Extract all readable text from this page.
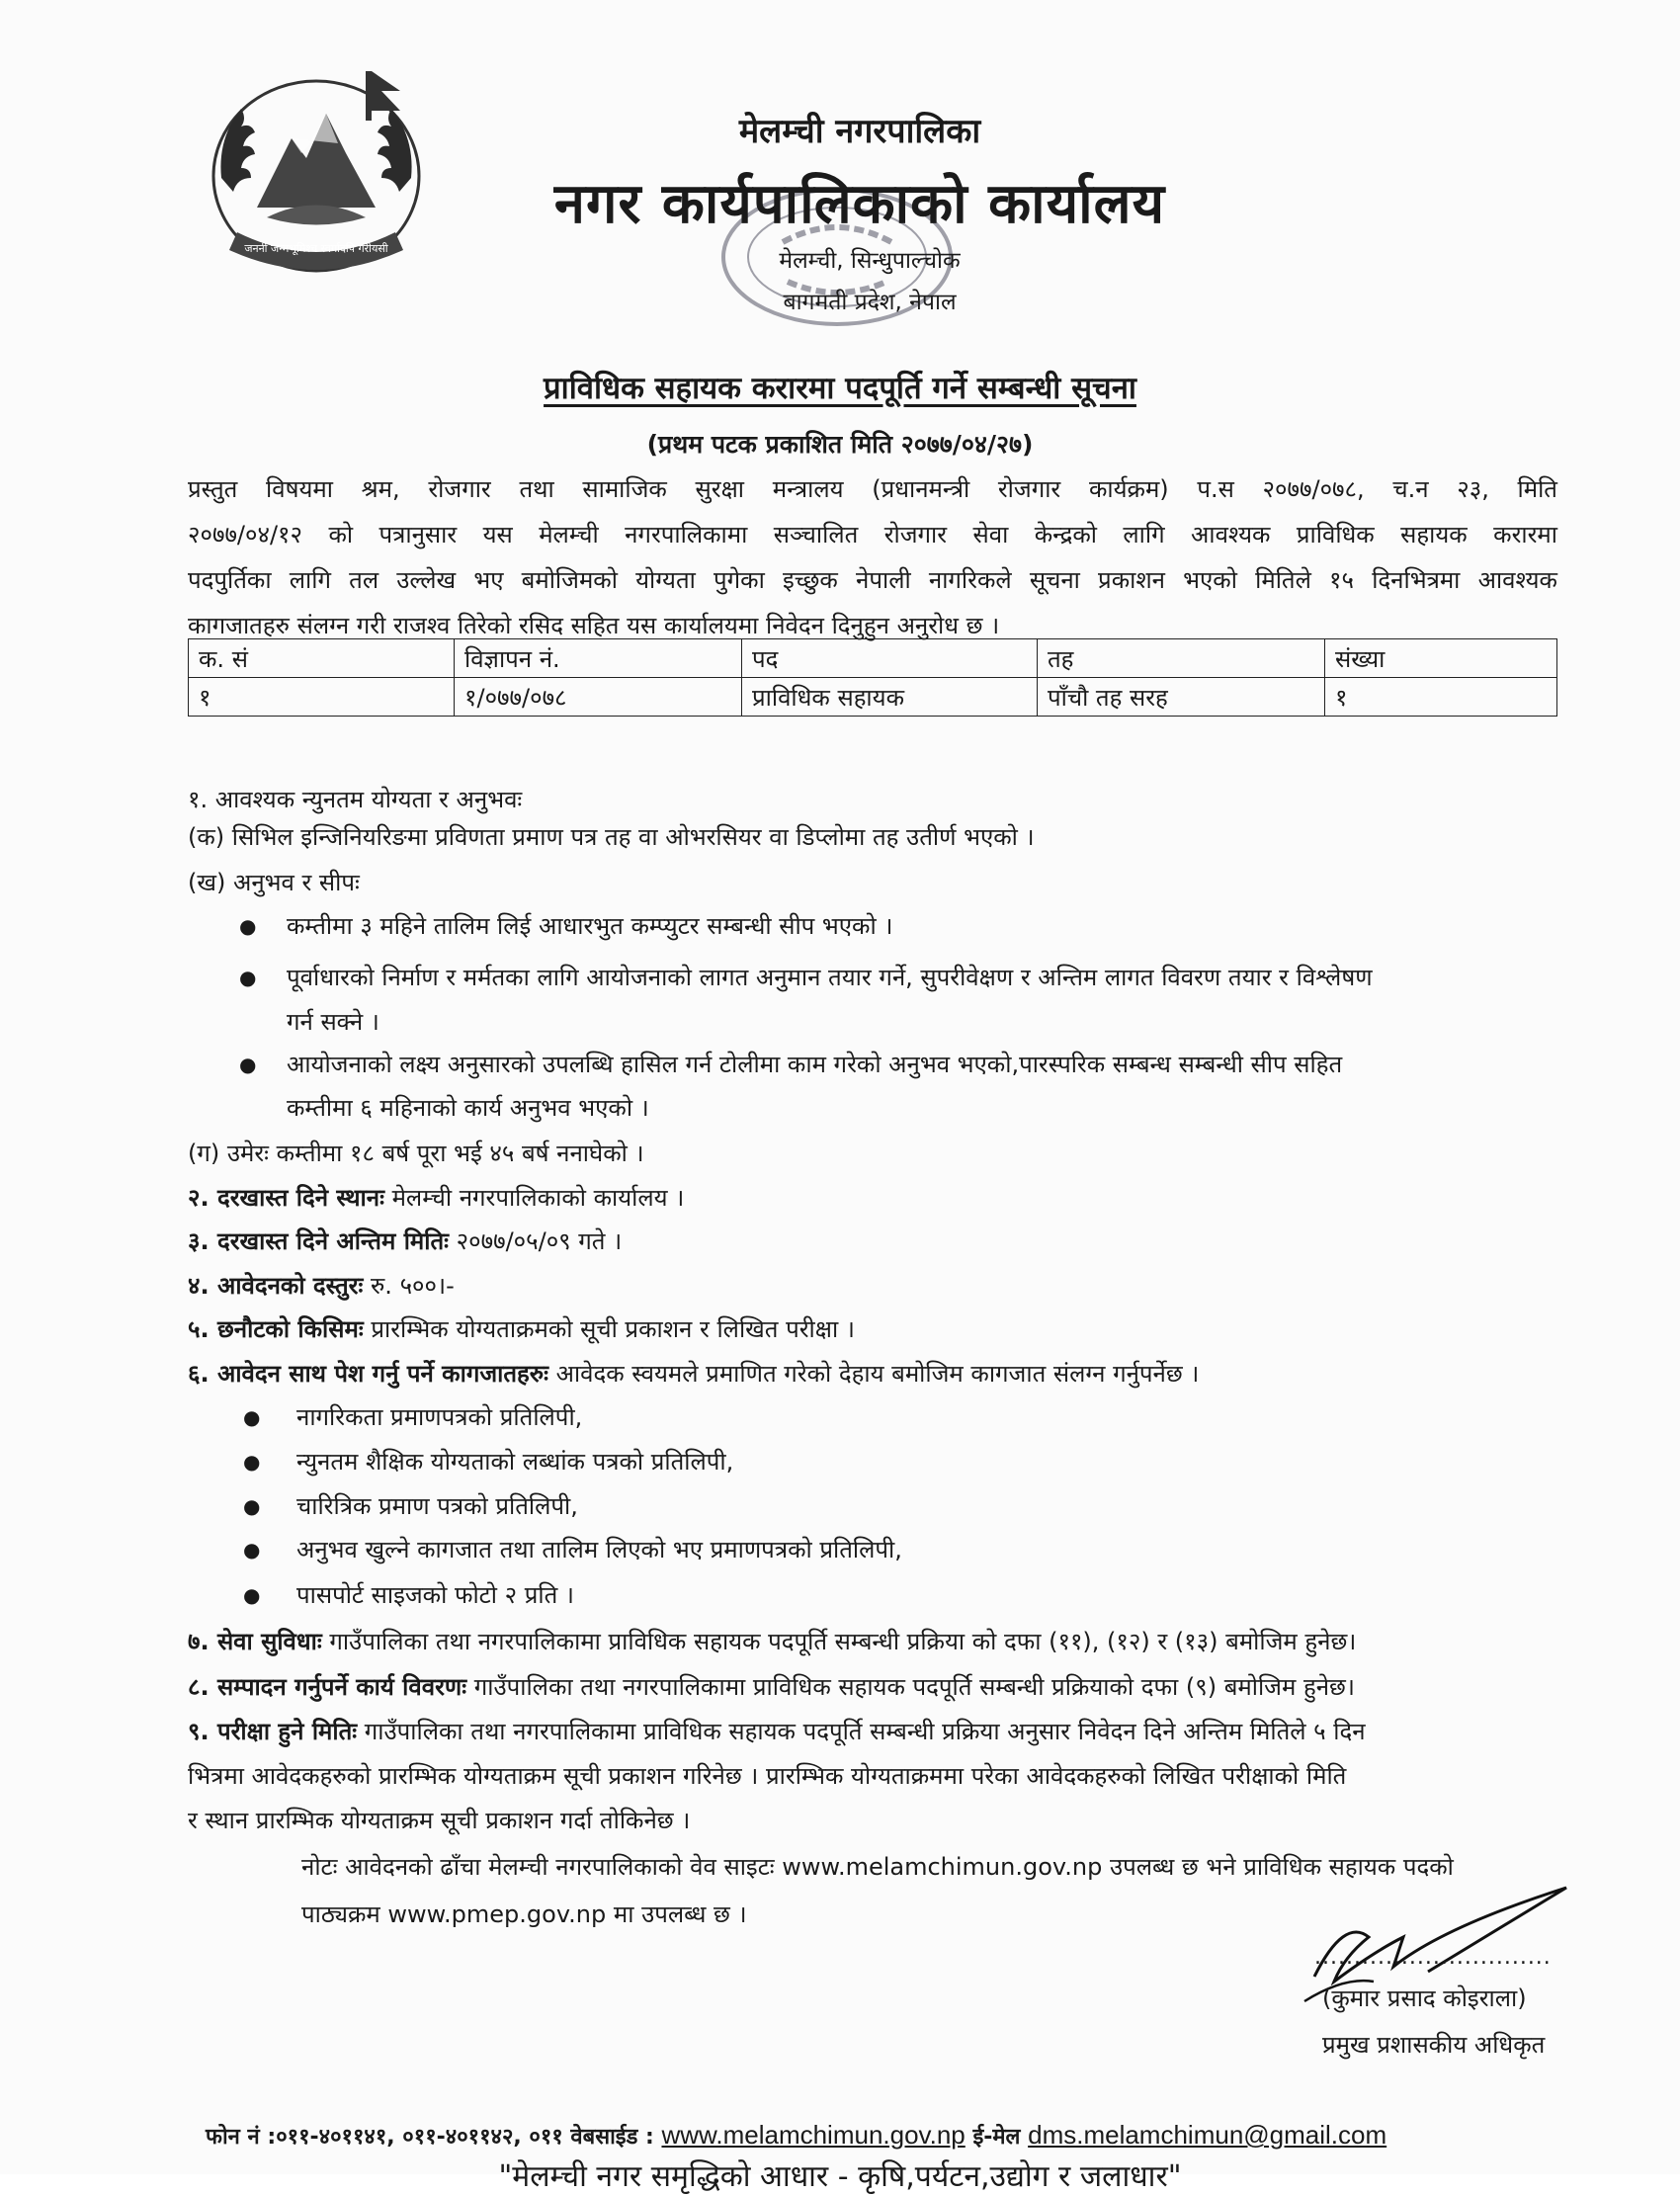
जननी जन्मभूमिश्च स्वर्गादपि गरीयसी
मेलम्ची नगरपालिका
नगर कार्यपालिकाको कार्यालय
मेलम्ची, सिन्धुपाल्चोक
बागमती प्रदेश, नेपाल
प्राविधिक सहायक करारमा पदपूर्ति गर्ने सम्बन्धी सूचना
(प्रथम पटक प्रकाशित मिति २०७७/०४/२७)
प्रस्तुत विषयमा श्रम, रोजगार तथा सामाजिक सुरक्षा मन्त्रालय (प्रधानमन्त्री रोजगार कार्यक्रम) प.स २०७७/०७८, च.न २३, मिति
२०७७/०४/१२ को पत्रानुसार यस मेलम्ची नगरपालिकामा सञ्चालित रोजगार सेवा केन्द्रको लागि आवश्यक प्राविधिक सहायक करारमा
पदपुर्तिका लागि तल उल्लेख भए बमोजिमको योग्यता पुगेका इच्छुक नेपाली नागरिकले सूचना प्रकाशन भएको मितिले १५ दिनभित्रमा आवश्यक
कागजातहरु संलग्न गरी राजश्व तिरेको रसिद सहित यस कार्यालयमा निवेदन दिनुहुन अनुरोध छ ।
क. सं	विज्ञापन नं.	पद	तह	संख्या
१	१/०७७/०७८	प्राविधिक सहायक	पाँचौ तह सरह	१
१. आवश्यक न्युनतम योग्यता र अनुभवः
(क) सिभिल इन्जिनियरिङमा प्रविणता प्रमाण पत्र तह वा ओभरसियर वा डिप्लोमा तह उतीर्ण भएको ।
(ख) अनुभव र सीपः
● कम्तीमा ३ महिने तालिम लिई आधारभुत कम्प्युटर सम्बन्धी सीप भएको ।
● पूर्वाधारको निर्माण र मर्मतका लागि आयोजनाको लागत अनुमान तयार गर्ने, सुपरीवेक्षण र अन्तिम लागत विवरण तयार र विश्लेषण
गर्न सक्ने ।
● आयोजनाको लक्ष्य अनुसारको उपलब्धि हासिल गर्न टोलीमा काम गरेको अनुभव भएको,पारस्परिक सम्बन्ध सम्बन्धी सीप सहित
कम्तीमा ६ महिनाको कार्य अनुभव भएको ।
(ग) उमेरः कम्तीमा १८ बर्ष पूरा भई ४५ बर्ष ननाघेको ।
२. दरखास्त दिने स्थानः मेलम्ची नगरपालिकाको कार्यालय ।
३. दरखास्त दिने अन्तिम मितिः २०७७/०५/०९ गते ।
४. आवेदनको दस्तुरः रु. ५००।-
५. छनौटको किसिमः प्रारम्भिक योग्यताक्रमको सूची प्रकाशन र लिखित परीक्षा ।
६. आवेदन साथ पेश गर्नु पर्ने कागजातहरुः आवेदक स्वयमले प्रमाणित गरेको देहाय बमोजिम कागजात संलग्न गर्नुपर्नेछ ।
● नागरिकता प्रमाणपत्रको प्रतिलिपी,
● न्युनतम शैक्षिक योग्यताको लब्धांक पत्रको प्रतिलिपी,
● चारित्रिक प्रमाण पत्रको प्रतिलिपी,
● अनुभव खुल्ने कागजात तथा तालिम लिएको भए प्रमाणपत्रको प्रतिलिपी,
● पासपोर्ट साइजको फोटो २ प्रति ।
७. सेवा सुविधाः गाउँपालिका तथा नगरपालिकामा प्राविधिक सहायक पदपूर्ति सम्बन्धी प्रक्रिया को दफा (११), (१२) र (१३) बमोजिम हुनेछ।
८. सम्पादन गर्नुपर्ने कार्य विवरणः गाउँपालिका तथा नगरपालिकामा प्राविधिक सहायक पदपूर्ति सम्बन्धी प्रक्रियाको दफा (९) बमोजिम हुनेछ।
९. परीक्षा हुने मितिः गाउँपालिका तथा नगरपालिकामा प्राविधिक सहायक पदपूर्ति सम्बन्धी प्रक्रिया अनुसार निवेदन दिने अन्तिम मितिले ५ दिन
भित्रमा आवेदकहरुको प्रारम्भिक योग्यताक्रम सूची प्रकाशन गरिनेछ । प्रारम्भिक योग्यताक्रममा परेका आवेदकहरुको लिखित परीक्षाको मिति
र स्थान प्रारम्भिक योग्यताक्रम सूची प्रकाशन गर्दा तोकिनेछ ।
नोटः आवेदनको ढाँचा मेलम्ची नगरपालिकाको वेव साइटः www.melamchimun.gov.np उपलब्ध छ भने प्राविधिक सहायक पदको
पाठ्यक्रम www.pmep.gov.np मा उपलब्ध छ ।
..............................
(कुमार प्रसाद कोइराला)
प्रमुख प्रशासकीय अधिकृत
फोन नं :०११-४०११४१, ०११-४०११४२, ०११ वेबसाईड : www.melamchimun.gov.np ई-मेल dms.melamchimun@gmail.com
"मेलम्ची नगर समृद्धिको आधार - कृषि,पर्यटन,उद्योग र जलाधार"
